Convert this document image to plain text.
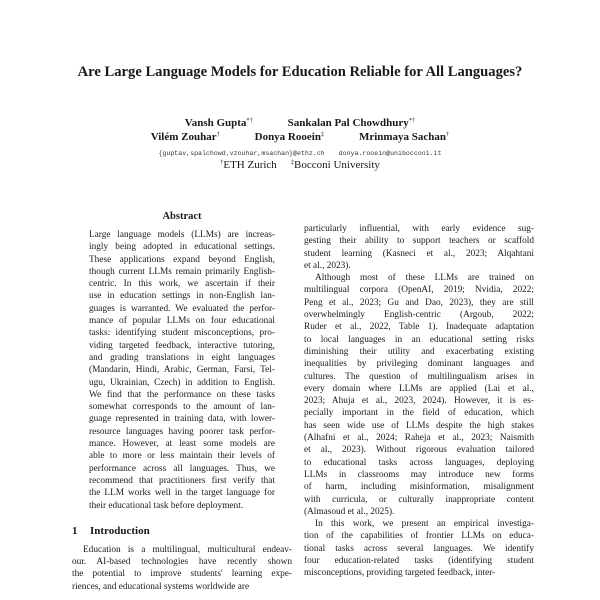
Are Large Language Models for Education Reliable for All Languages?
Vansh Gupta*†	Sankalan Pal Chowdhury*†
Vilém Zouhar†	Donya Rooein‡	Mrinmaya Sachan†
{guptav,spalchowd,vzouhar,msachan}@ethz.ch donya.rooein@unibocconi.it
†ETH Zurich ‡Bocconi University
Abstract
Large language models (LLMs) are increas-
ingly being adopted in educational settings.
These applications expand beyond English,
though current LLMs remain primarily English-
centric. In this work, we ascertain if their
use in education settings in non-English lan-
guages is warranted. We evaluated the perfor-
mance of popular LLMs on four educational
tasks: identifying student misconceptions, pro-
viding targeted feedback, interactive tutoring,
and grading translations in eight languages
(Mandarin, Hindi, Arabic, German, Farsi, Tel-
ugu, Ukrainian, Czech) in addition to English.
We find that the performance on these tasks
somewhat corresponds to the amount of lan-
guage represented in training data, with lower-
resource languages having poorer task perfor-
mance. However, at least some models are
able to more or less maintain their levels of
performance across all languages. Thus, we
recommend that practitioners first verify that
the LLM works well in the target language for
their educational task before deployment.
1 Introduction
Education is a multilingual, multicultural endeav-
our. AI-based technologies have recently shown
the potential to improve students' learning expe-
riences, and educational systems worldwide are
particularly influential, with early evidence sug-
gesting their ability to support teachers or scaffold
student learning (Kasneci et al., 2023; Alqahtani
et al., 2023).
Although most of these LLMs are trained on
multilingual corpora (OpenAI, 2019; Nvidia, 2022;
Peng et al., 2023; Gu and Dao, 2023), they are still
overwhelmingly English-centric (Argoub, 2022;
Ruder et al., 2022, Table 1). Inadequate adaptation
to local languages in an educational setting risks
diminishing their utility and exacerbating existing
inequalities by privileging dominant languages and
cultures. The question of multilingualism arises in
every domain where LLMs are applied (Lai et al.,
2023; Ahuja et al., 2023, 2024). However, it is es-
pecially important in the field of education, which
has seen wide use of LLMs despite the high stakes
(Alhafni et al., 2024; Raheja et al., 2023; Naismith
et al., 2023). Without rigorous evaluation tailored
to educational tasks across languages, deploying
LLMs in classrooms may introduce new forms
of harm, including misinformation, misalignment
with curricula, or culturally inappropriate content
(Almasoud et al., 2025).
In this work, we present an empirical investiga-
tion of the capabilities of frontier LLMs on educa-
tional tasks across several languages. We identify
four education-related tasks (identifying student
misconceptions, providing targeted feedback, inter-
